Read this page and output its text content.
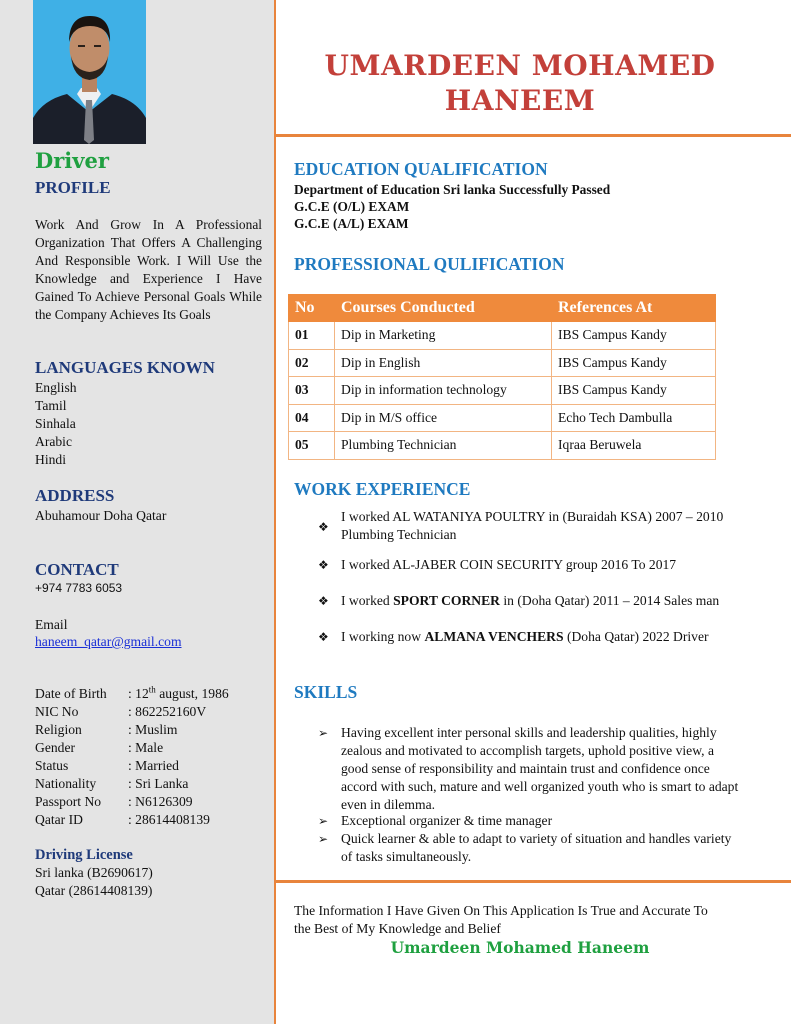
Driver
PROFILE
Work And Grow In A Professional Organization That Offers A Challenging And Responsible Work. I Will Use the Knowledge and Experience I Have Gained To Achieve Personal Goals While the Company Achieves Its Goals
LANGUAGES KNOWN
English
Tamil
Sinhala
Arabic
Hindi
ADDRESS
Abuhamour Doha Qatar
CONTACT
+974 7783 6053
Email
haneem_qatar@gmail.com
Date of Birth	: 12th august, 1986
NIC No	: 862252160V
Religion	: Muslim
Gender	: Male
Status	: Married
Nationality	: Sri Lanka
Passport No	: N6126309
Qatar ID	: 28614408139
Driving License
Sri lanka (B2690617)
Qatar (28614408139)
UMARDEEN MOHAMED
HANEEM
EDUCATION QUALIFICATION
Department of Education Sri lanka Successfully Passed
G.C.E (O/L) EXAM
G.C.E (A/L) EXAM
PROFESSIONAL QULIFICATION
No	Courses Conducted	References At
01	Dip in Marketing	IBS Campus Kandy
02	Dip in English	IBS Campus Kandy
03	Dip in information technology	IBS Campus Kandy
04	Dip in M/S office	Echo Tech Dambulla
05	Plumbing Technician	Iqraa Beruwela
WORK EXPERIENCE
❖
I worked AL WATANIYA POULTRY in (Buraidah KSA) 2007 – 2010 Plumbing Technician
❖ I worked AL-JABER COIN SECURITY group 2016 To 2017
❖ I worked SPORT CORNER in (Doha Qatar) 2011 – 2014 Sales man
❖ I working now ALMANA VENCHERS (Doha Qatar) 2022 Driver
SKILLS
➢ Having excellent inter personal skills and leadership qualities, highly zealous and motivated to accomplish targets, uphold positive view, a good sense of responsibility and maintain trust and confidence once accord with such, mature and well organized youth who is smart to adapt even in dilemma.
➢ Exceptional organizer & time manager
➢ Quick learner & able to adapt to variety of situation and handles variety of tasks simultaneously.
The Information I Have Given On This Application Is True and Accurate To the Best of My Knowledge and Belief
Umardeen Mohamed Haneem
